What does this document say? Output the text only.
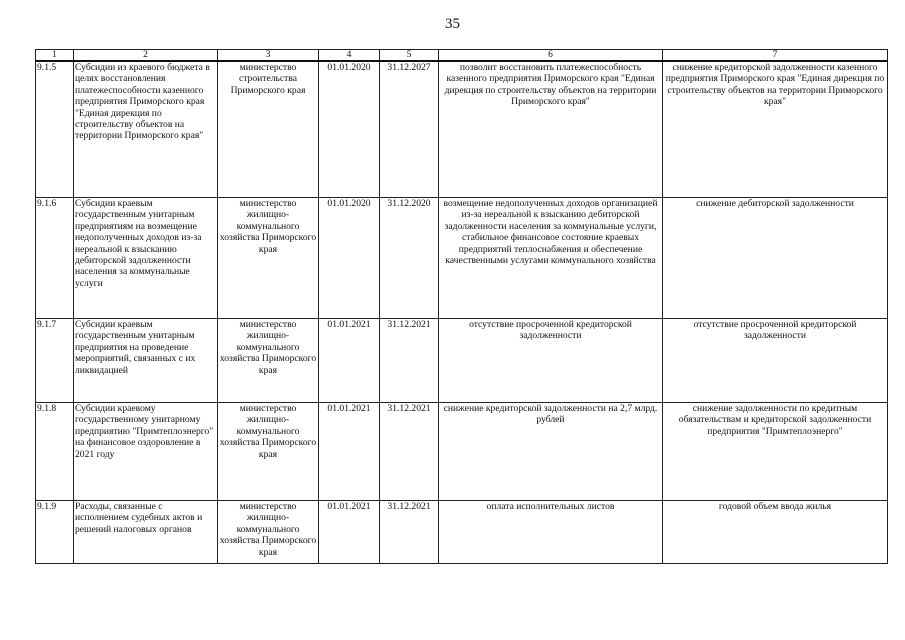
35
1	2	3	4	5	6	7
9.1.5	Субсидии из краевого бюджета в целях восстановления платежеспособности казенного предприятия Приморского края "Единая дирекция по строительству объектов на территории Приморского края"	министерство строительства Приморского края	01.01.2020	31.12.2027	позволит восстановить платежеспособность казенного предприятия Приморского края "Единая дирекция по строительству объектов на территории Приморского края"	снижение кредиторской задолженности казенного предприятия Приморского края "Единая дирекция по строительству объектов на территории Приморского края"
9.1.6	Субсидии краевым государственным унитарным предприятиям на возмещение недополученных доходов из-за нереальной к взысканию дебиторской задолженности населения за коммунальные услуги	министерство жилищно-коммунального хозяйства Приморского края	01.01.2020	31.12.2020	возмещение недополученных доходов организацией из-за нереальной к взысканию дебиторской задолженности населения за коммунальные услуги, стабильное финансовое состояние краевых предприятий теплоснабжения и обеспечение качественными услугами коммунального хозяйства	снижение дебиторской задолженности
9.1.7	Субсидии краевым государственным унитарным предприятия на проведение мероприятий, связанных с их ликвидацией	министерство жилищно-коммунального хозяйства Приморского края	01.01.2021	31.12.2021	отсутствие просроченной кредиторской задолженности	отсутствие просроченной кредиторской задолженности
9.1.8	Субсидии краевому государственному унитарному предприятию "Примтеплоэнерго" на финансовое оздоровление в 2021 году	министерство жилищно-коммунального хозяйства Приморского края	01.01.2021	31.12.2021	снижение кредиторской задолженности на 2,7 млрд. рублей	снижение задолженности по кредитным обязательствам и кредиторской задолженности предприятия "Примтеплоэнерго"
9.1.9	Расходы, связанные с исполнением судебных актов и решений налоговых органов	министерство жилищно-коммунального хозяйства Приморского края	01.01.2021	31.12.2021	оплата исполнительных листов	годовой объем ввода жилья
